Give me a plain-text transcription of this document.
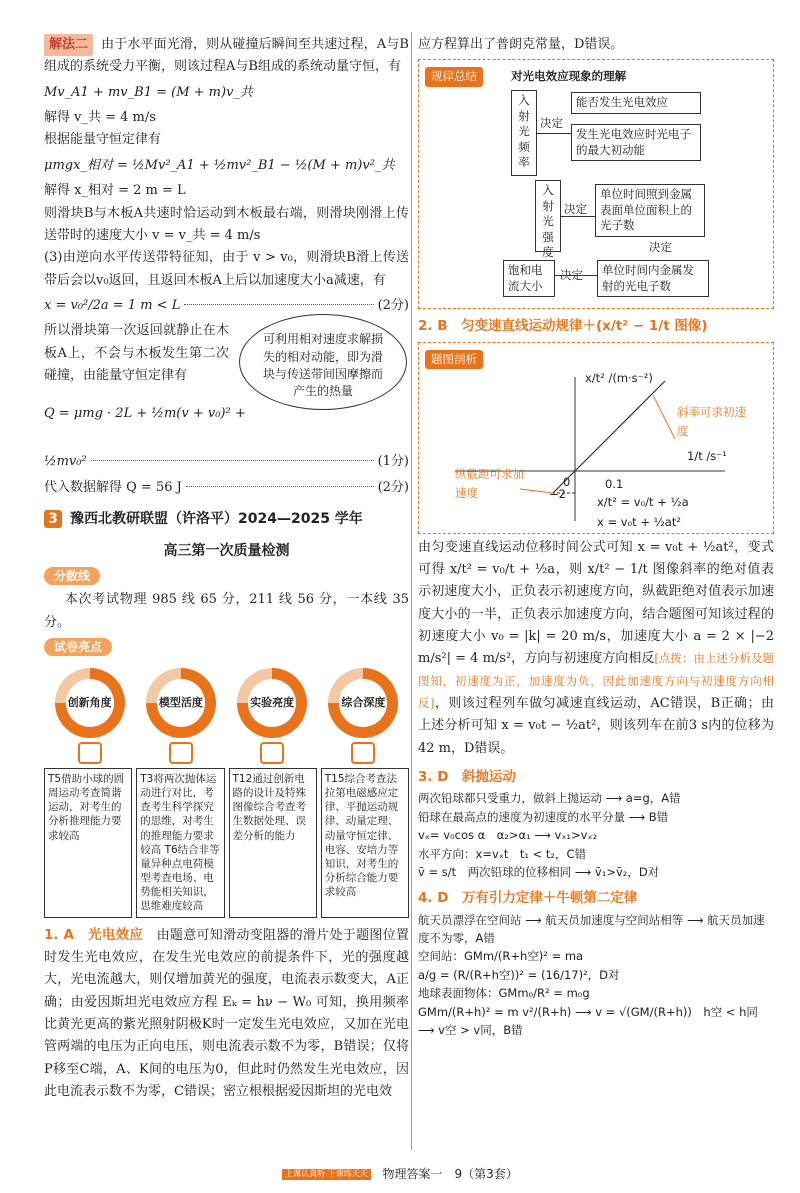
解法二 由于水平面光滑，则从碰撞后瞬间至共速过程，A与B组成的系统受力平衡，则该过程A与B组成的系统动量守恒，有

Mv_A1 + mv_B1 = (M + m)v_共

解得 v_共 = 4 m/s

根据能量守恒定律有

μmgx_相对 = ½Mv²_A1 + ½mv²_B1 − ½(M + m)v²_共

解得 x_相对 = 2 m = L

则滑块B与木板A共速时恰运动到木板最右端，则滑块刚滑上传送带时的速度大小 v = v_共 = 4 m/s

(3)由逆向水平传送带特征知，由于 v > v₀，则滑块B滑上传送带后会以v₀返回，且返回木板A上后以加速度大小a减速，有

x = v₀²/2a = 1 m < L	(2分)

所以滑块第一次返回就静止在木板A上，不会与木板发生第二次碰撞，由能量守恒定律有

可利用相对速度求解损失的相对动能，即为滑块与传送带间因摩擦而产生的热量

Q = μmg · 2L + ½m(v + v₀)² +

½mv₀²	(1分)
代入数据解得 Q = 56 J	(2分)
3 豫西北教研联盟（许洛平）2024—2025 学年
高三第一次质量检测
分数线

本次考试物理 985 线 65 分，211 线 56 分，一本线 35 分。

试卷亮点
创新角度	模型活度	实验亮度	综合深度
T5借助小球的圆周运动考查简谐运动，对考生的分析推理能力要求较高
T3将两次抛体运动进行对比，考查考生科学探究的思维，对考生的推理能力要求较高 T6结合非等量异种点电荷模型考查电场、电势能相关知识，思维难度较高
T12通过创新电路的设计及特殊图像综合考查考生数据处理、误差分析的能力
T15综合考查法拉第电磁感应定律、平抛运动规律、动量定理、动量守恒定律、电容、安培力等知识，对考生的分析综合能力要求较高

1. A　光电效应　 由题意可知滑动变阻器的滑片处于题图位置时发生光电效应，在发生光电效应的前提条件下，光的强度越大，光电流越大，则仅增加黄光的强度，电流表示数变大，A正确；由爱因斯坦光电效应方程 Eₖ = hν − W₀ 可知，换用频率比黄光更高的紫光照射阴极K时一定发生光电效应，又加在光电管两端的电压为正向电压，则电流表示数不为零，B错误；仅将P移至C端，A、K间的电压为0，但此时仍然发生光电效应，因此电流表示数不为零，C错误；密立根根据爱因斯坦的光电效

应方程算出了普朗克常量，D错误。

规律总结	对光电效应现象的理解
入射光频率
能否发生光电效应
发生光电效应时光电子的最大初动能
决定
入射光强度
决定
单位时间照到金属表面单位面积上的光子数
决定
单位时间内金属发射的光电子数
决定
饱和电流大小
2. B　匀变速直线运动规律＋(x/t² − 1/t 图像)
题图剖析
x/t² /(m·s⁻²)
1/t /s⁻¹
0.1
0
−2
斜率可求初速度
纵截距可求加速度
x/t² = v₀/t + ½a
x = v₀t + ½at²

由匀变速直线运动位移时间公式可知 x = v₀t + ½at²，变式可得 x/t² = v₀/t + ½a，则 x/t² − 1/t 图像斜率的绝对值表示初速度大小，正负表示初速度方向，纵截距绝对值表示加速度大小的一半，正负表示加速度方向，结合题图可知该过程的初速度大小 v₀ = |k| = 20 m/s，加速度大小 a = 2 × |−2 m/s²| = 4 m/s²，方向与初速度方向相反[点拨：由上述分析及题图知，初速度为正，加速度为负，因此加速度方向与初速度方向相反]，则该过程列车做匀减速直线运动，AC错误，B正确；由上述分析可知 x = v₀t − ½at²，则该列车在前3 s内的位移为42 m，D错误。

3. D　斜抛运动
两次铅球都只受重力，做斜上抛运动 ⟶ a=g，A错
铅球在最高点的速度为初速度的水平分量 ⟶ B错
vₓ= v₀cos α　α₂>α₁ ⟶ vₓ₁>vₓ₂
水平方向：x=vₓt　t₁ < t₂，C错
v̄ = s/t　两次铅球的位移相同 ⟶ v̄₁>v̄₂，D对
4. D　万有引力定律＋牛顿第二定律
航天员漂浮在空间站 ⟶ 航天员加速度与空间站相等 ⟶ 航天员加速度不为零，A错
空间站：GMm/(R+h空)² = ma
a/g = (R/(R+h空))² = (16/17)²，D对
地球表面物体：GMm₀/R² = m₀g
GMm/(R+h)² = m v²/(R+h) ⟶ v = √(GM/(R+h))　h空 < h同 ⟶ v空 > v同，B错
上课认真听 下课练天天 物理答案一　9（第3套）
